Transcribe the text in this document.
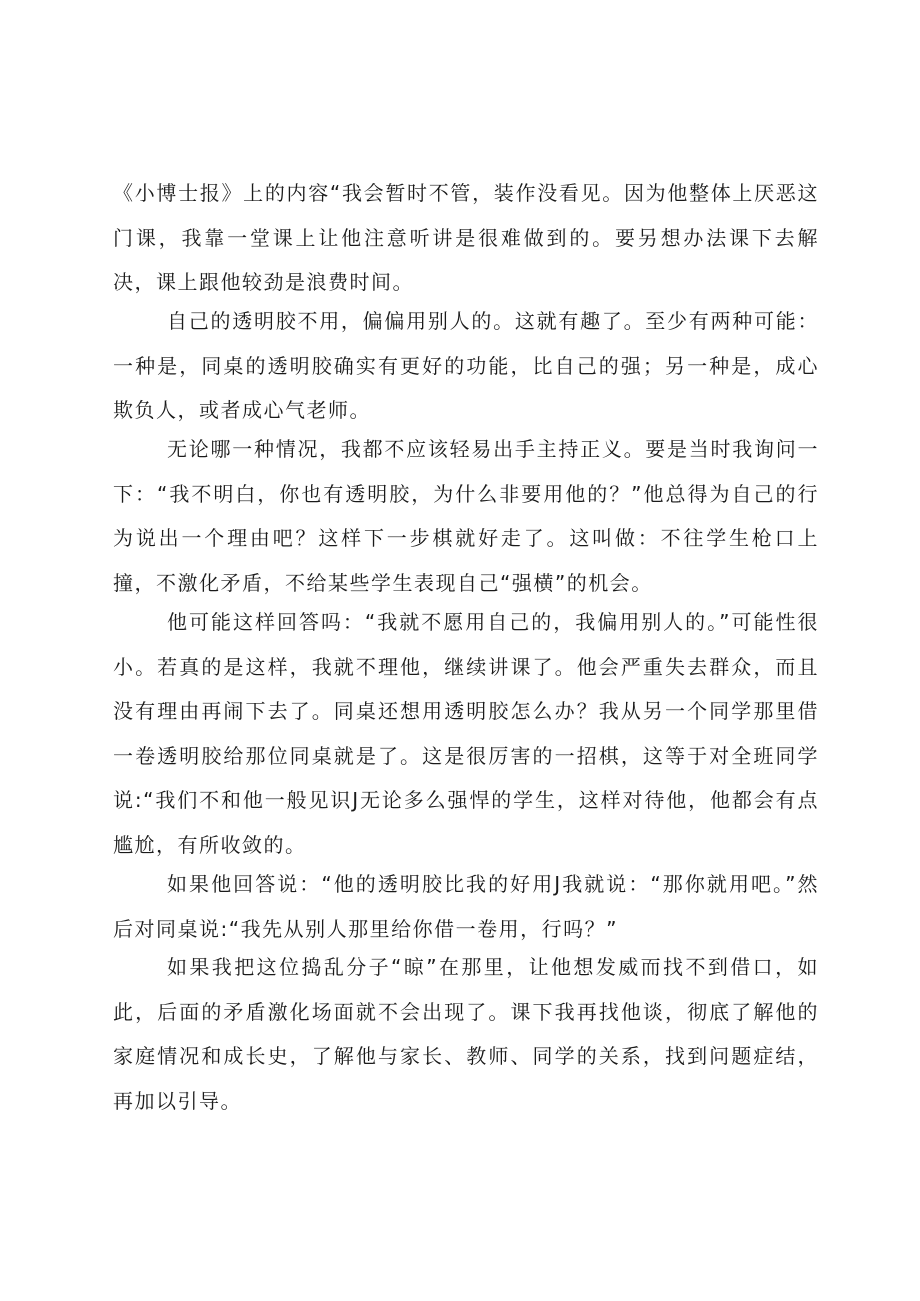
《小博士报》上的内容“我会暂时不管，装作没看见。因为他整体上厌恶这门课，我靠一堂课上让他注意听讲是很难做到的。要另想办法课下去解决，课上跟他较劲是浪费时间。

自己的透明胶不用，偏偏用别人的。这就有趣了。至少有两种可能：一种是，同桌的透明胶确实有更好的功能，比自己的强；另一种是，成心欺负人，或者成心气老师。

无论哪一种情况，我都不应该轻易出手主持正义。要是当时我询问一下：“我不明白，你也有透明胶，为什么非要用他的？”他总得为自己的行为说出一个理由吧？这样下一步棋就好走了。这叫做：不往学生枪口上撞，不激化矛盾，不给某些学生表现自己“强横”的机会。

他可能这样回答吗：“我就不愿用自己的，我偏用别人的。”可能性很小。若真的是这样，我就不理他，继续讲课了。他会严重失去群众，而且没有理由再闹下去了。同桌还想用透明胶怎么办？我从另一个同学那里借一卷透明胶给那位同桌就是了。这是很厉害的一招棋，这等于对全班同学说:“我们不和他一般见识J无论多么强悍的学生，这样对待他，他都会有点尴尬，有所收敛的。

如果他回答说：“他的透明胶比我的好用J我就说：“那你就用吧。”然后对同桌说:“我先从别人那里给你借一卷用，行吗？”

如果我把这位捣乱分子“晾”在那里，让他想发威而找不到借口，如此，后面的矛盾激化场面就不会出现了。课下我再找他谈，彻底了解他的家庭情况和成长史，了解他与家长、教师、同学的关系，找到问题症结，再加以引导。
